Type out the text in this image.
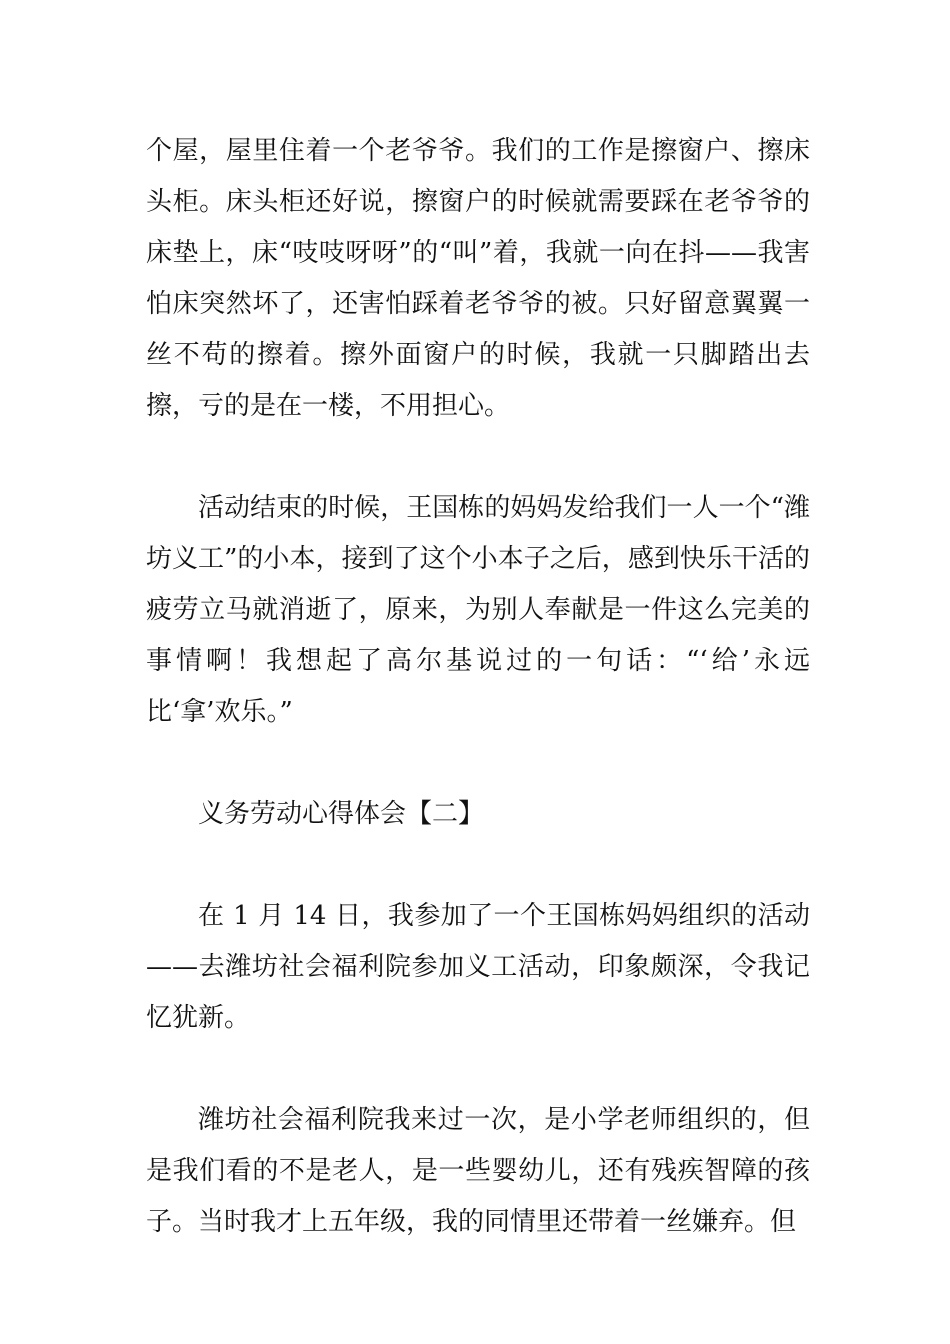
个屋，屋里住着一个老爷爷。我们的工作是擦窗户、擦床头柜。床头柜还好说，擦窗户的时候就需要踩在老爷爷的床垫上，床“吱吱呀呀”的“叫”着，我就一向在抖——我害怕床突然坏了，还害怕踩着老爷爷的被。只好留意翼翼一丝不苟的擦着。擦外面窗户的时候，我就一只脚踏出去擦，亏的是在一楼，不用担心。

活动结束的时候，王国栋的妈妈发给我们一人一个“潍坊义工”的小本，接到了这个小本子之后，感到快乐干活的疲劳立马就消逝了，原来，为别人奉献是一件这么完美的事情啊！我想起了高尔基说过的一句话：“‘给’永远比‘拿’欢乐。”

义务劳动心得体会【二】

在 1 月 14 日，我参加了一个王国栋妈妈组织的活动——去潍坊社会福利院参加义工活动，印象颇深，令我记忆犹新。

潍坊社会福利院我来过一次，是小学老师组织的，但是我们看的不是老人，是一些婴幼儿，还有残疾智障的孩子。当时我才上五年级，我的同情里还带着一丝嫌弃。但
